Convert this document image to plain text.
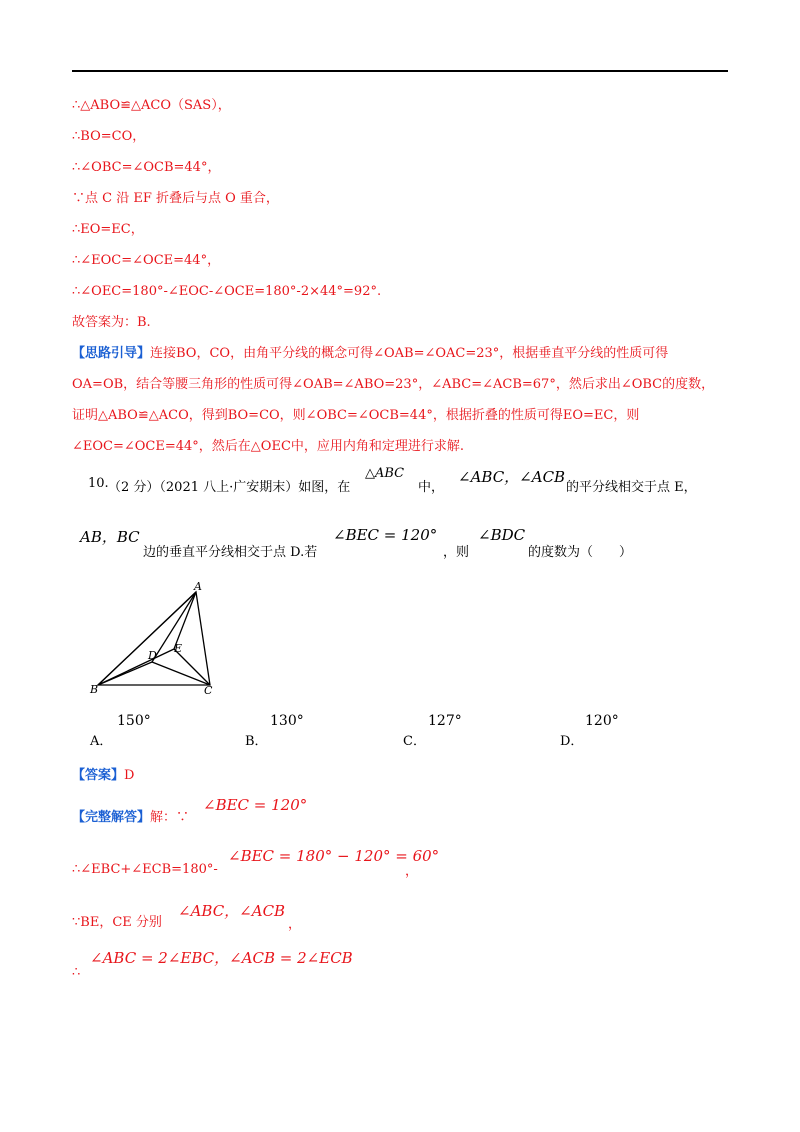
∴△ABO≌△ACO（SAS），
∴BO=CO，
∴∠OBC=∠OCB=44°，
∵点 C 沿 EF 折叠后与点 O 重合，
∴EO=EC，
∴∠EOC=∠OCE=44°，
∴∠OEC=180°-∠EOC-∠OCE=180°-2×44°=92°.
故答案为：B.
【思路引导】连接BO，CO，由角平分线的概念可得∠OAB=∠OAC=23°，根据垂直平分线的性质可得
OA=OB，结合等腰三角形的性质可得∠OAB=∠ABO=23°，∠ABC=∠ACB=67°，然后求出∠OBC的度数，
证明△ABO≌△ACO，得到BO=CO，则∠OBC=∠OCB=44°，根据折叠的性质可得EO=EC，则
∠EOC=∠OCE=44°，然后在△OEC中，应用内角和定理进行求解.
10. （2 分）（2021 八上·广安期末）如图，在
△ABC
中，
∠ABC，∠ACB
的平分线相交于点 E，
AB，BC
边的垂直平分线相交于点 D.若
∠BEC = 120°
，则
∠BDC
的度数为（　　）
A
B	C
D
E
A．
150°
B．
130°
C．
127°
D．
120°
【答案】D
【完整解答】解：∵
∠BEC = 120°
∴∠EBC+∠ECB=180°-
∠BEC = 180° − 120° = 60°
，
∵BE，CE 分别
∠ABC，∠ACB
，
∴
∠ABC = 2∠EBC，∠ACB = 2∠ECB
